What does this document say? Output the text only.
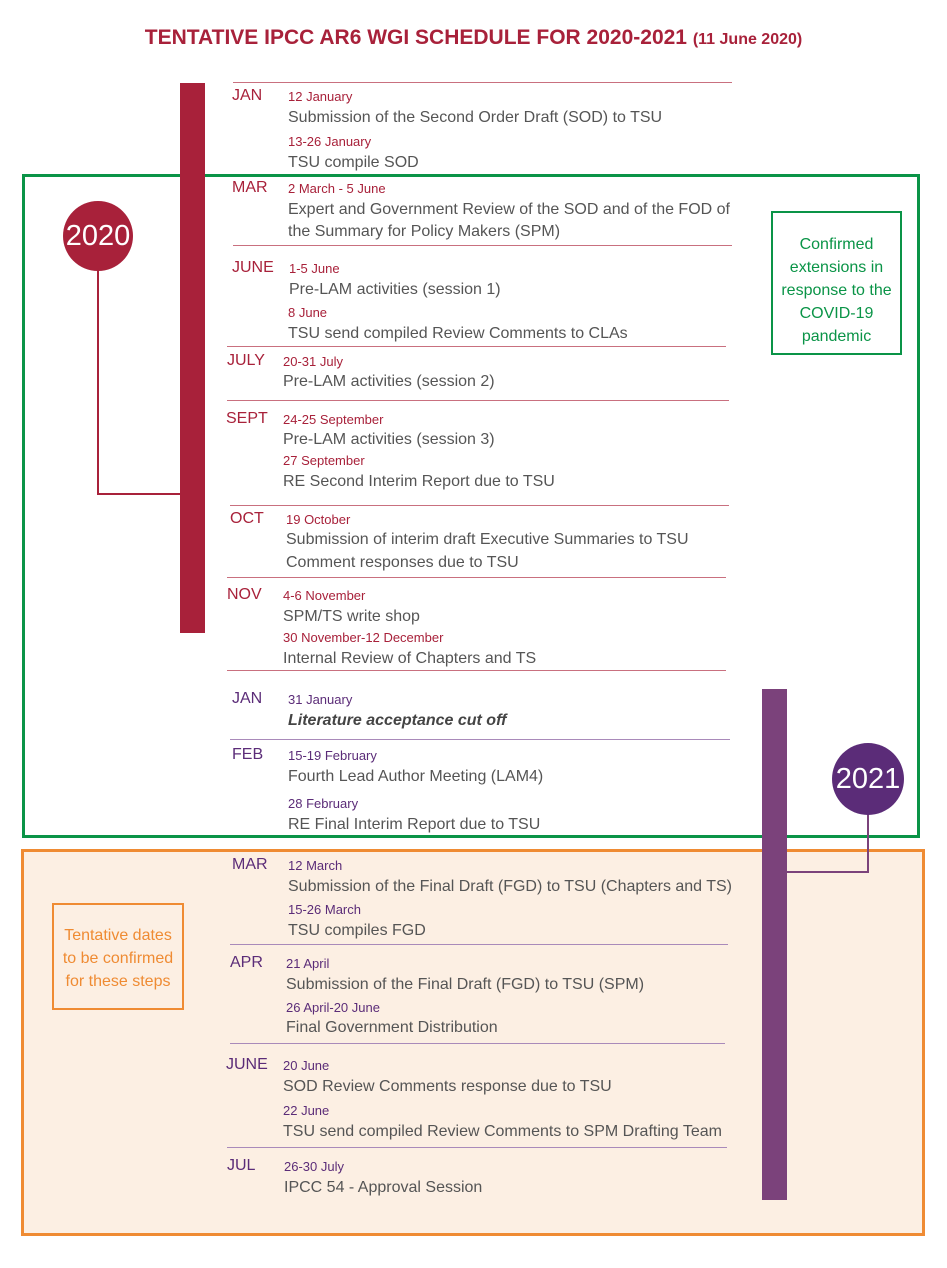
TENTATIVE IPCC AR6 WGI SCHEDULE FOR 2020-2021 (11 June 2020)
2020
2021
Confirmed
extensions in
response to the
COVID-19
pandemic
Tentative dates
to be confirmed
for these steps
JAN 12 January
Submission of the Second Order Draft (SOD) to TSU
13-26 January
TSU compile SOD
MAR 2 March - 5 June
Expert and Government Review of the SOD and of the FOD of
the Summary for Policy Makers (SPM)
JUNE 1-5 June
Pre-LAM activities (session 1)
8 June
TSU send compiled Review Comments to CLAs
JULY 20-31 July
Pre-LAM activities (session 2)
SEPT 24-25 September
Pre-LAM activities (session 3)
27 September
RE Second Interim Report due to TSU
OCT 19 October
Submission of interim draft Executive Summaries to TSU
Comment responses due to TSU
NOV 4-6 November
SPM/TS write shop
30 November-12 December
Internal Review of Chapters and TS
JAN 31 January
Literature acceptance cut off
FEB 15-19 February
Fourth Lead Author Meeting (LAM4)
28 February
RE Final Interim Report due to TSU
MAR 12 March
Submission of the Final Draft (FGD) to TSU (Chapters and TS)
15-26 March
TSU compiles FGD
APR 21 April
Submission of the Final Draft (FGD) to TSU (SPM)
26 April-20 June
Final Government Distribution
JUNE 20 June
SOD Review Comments response due to TSU
22 June
TSU send compiled Review Comments to SPM Drafting Team
JUL 26-30 July
IPCC 54 - Approval Session
